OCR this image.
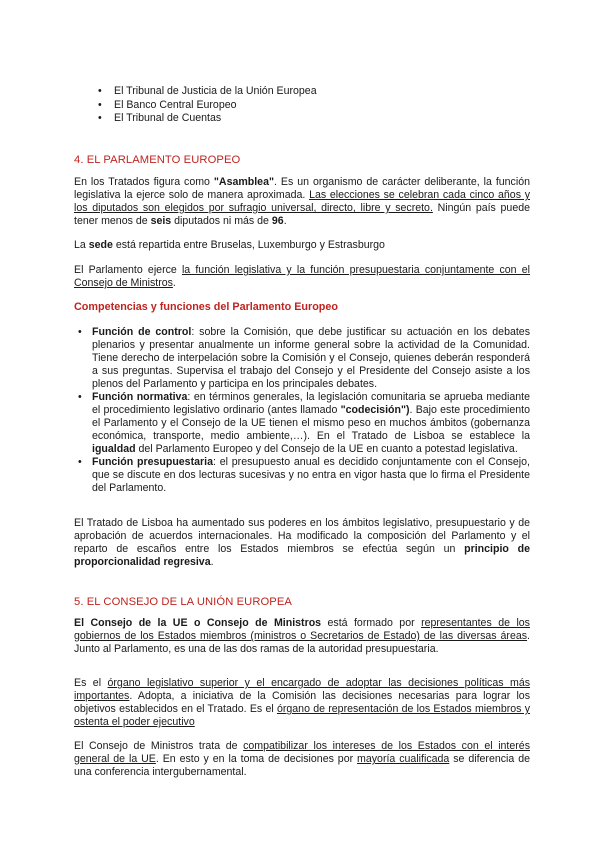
• El Tribunal de Justicia de la Unión Europea
• El Banco Central Europeo
• El Tribunal de Cuentas
4. EL PARLAMENTO EUROPEO

En los Tratados figura como "Asamblea". Es un organismo de carácter deliberante, la función legislativa la ejerce solo de manera aproximada. Las elecciones se celebran cada cinco años y los diputados son elegidos por sufragio universal, directo, libre y secreto. Ningún país puede tener menos de seis diputados ni más de 96.

La sede está repartida entre Bruselas, Luxemburgo y Estrasburgo

El Parlamento ejerce la función legislativa y la función presupuestaria conjuntamente con el Consejo de Ministros.

Competencias y funciones del Parlamento Europeo
• Función de control: sobre la Comisión, que debe justificar su actuación en los debates plenarios y presentar anualmente un informe general sobre la actividad de la Comunidad. Tiene derecho de interpelación sobre la Comisión y el Consejo, quienes deberán responderá a sus preguntas. Supervisa el trabajo del Consejo y el Presidente del Consejo asiste a los plenos del Parlamento y participa en los principales debates.
• Función normativa: en términos generales, la legislación comunitaria se aprueba mediante el procedimiento legislativo ordinario (antes llamado "codecisión"). Bajo este procedimiento el Parlamento y el Consejo de la UE tienen el mismo peso en muchos ámbitos (gobernanza económica, transporte, medio ambiente,…). En el Tratado de Lisboa se establece la igualdad del Parlamento Europeo y del Consejo de la UE en cuanto a potestad legislativa.
• Función presupuestaria: el presupuesto anual es decidido conjuntamente con el Consejo, que se discute en dos lecturas sucesivas y no entra en vigor hasta que lo firma el Presidente del Parlamento.

El Tratado de Lisboa ha aumentado sus poderes en los ámbitos legislativo, presupuestario y de aprobación de acuerdos internacionales. Ha modificado la composición del Parlamento y el reparto de escaños entre los Estados miembros se efectúa según un principio de proporcionalidad regresiva.

5. EL CONSEJO DE LA UNIÓN EUROPEA

El Consejo de la UE o Consejo de Ministros está formado por representantes de los gobiernos de los Estados miembros (ministros o Secretarios de Estado) de las diversas áreas. Junto al Parlamento, es una de las dos ramas de la autoridad presupuestaria.

Es el órgano legislativo superior y el encargado de adoptar las decisiones políticas más importantes. Adopta, a iniciativa de la Comisión las decisiones necesarias para lograr los objetivos establecidos en el Tratado. Es el órgano de representación de los Estados miembros y ostenta el poder ejecutivo

El Consejo de Ministros trata de compatibilizar los intereses de los Estados con el interés general de la UE. En esto y en la toma de decisiones por mayoría cualificada se diferencia de una conferencia intergubernamental.
